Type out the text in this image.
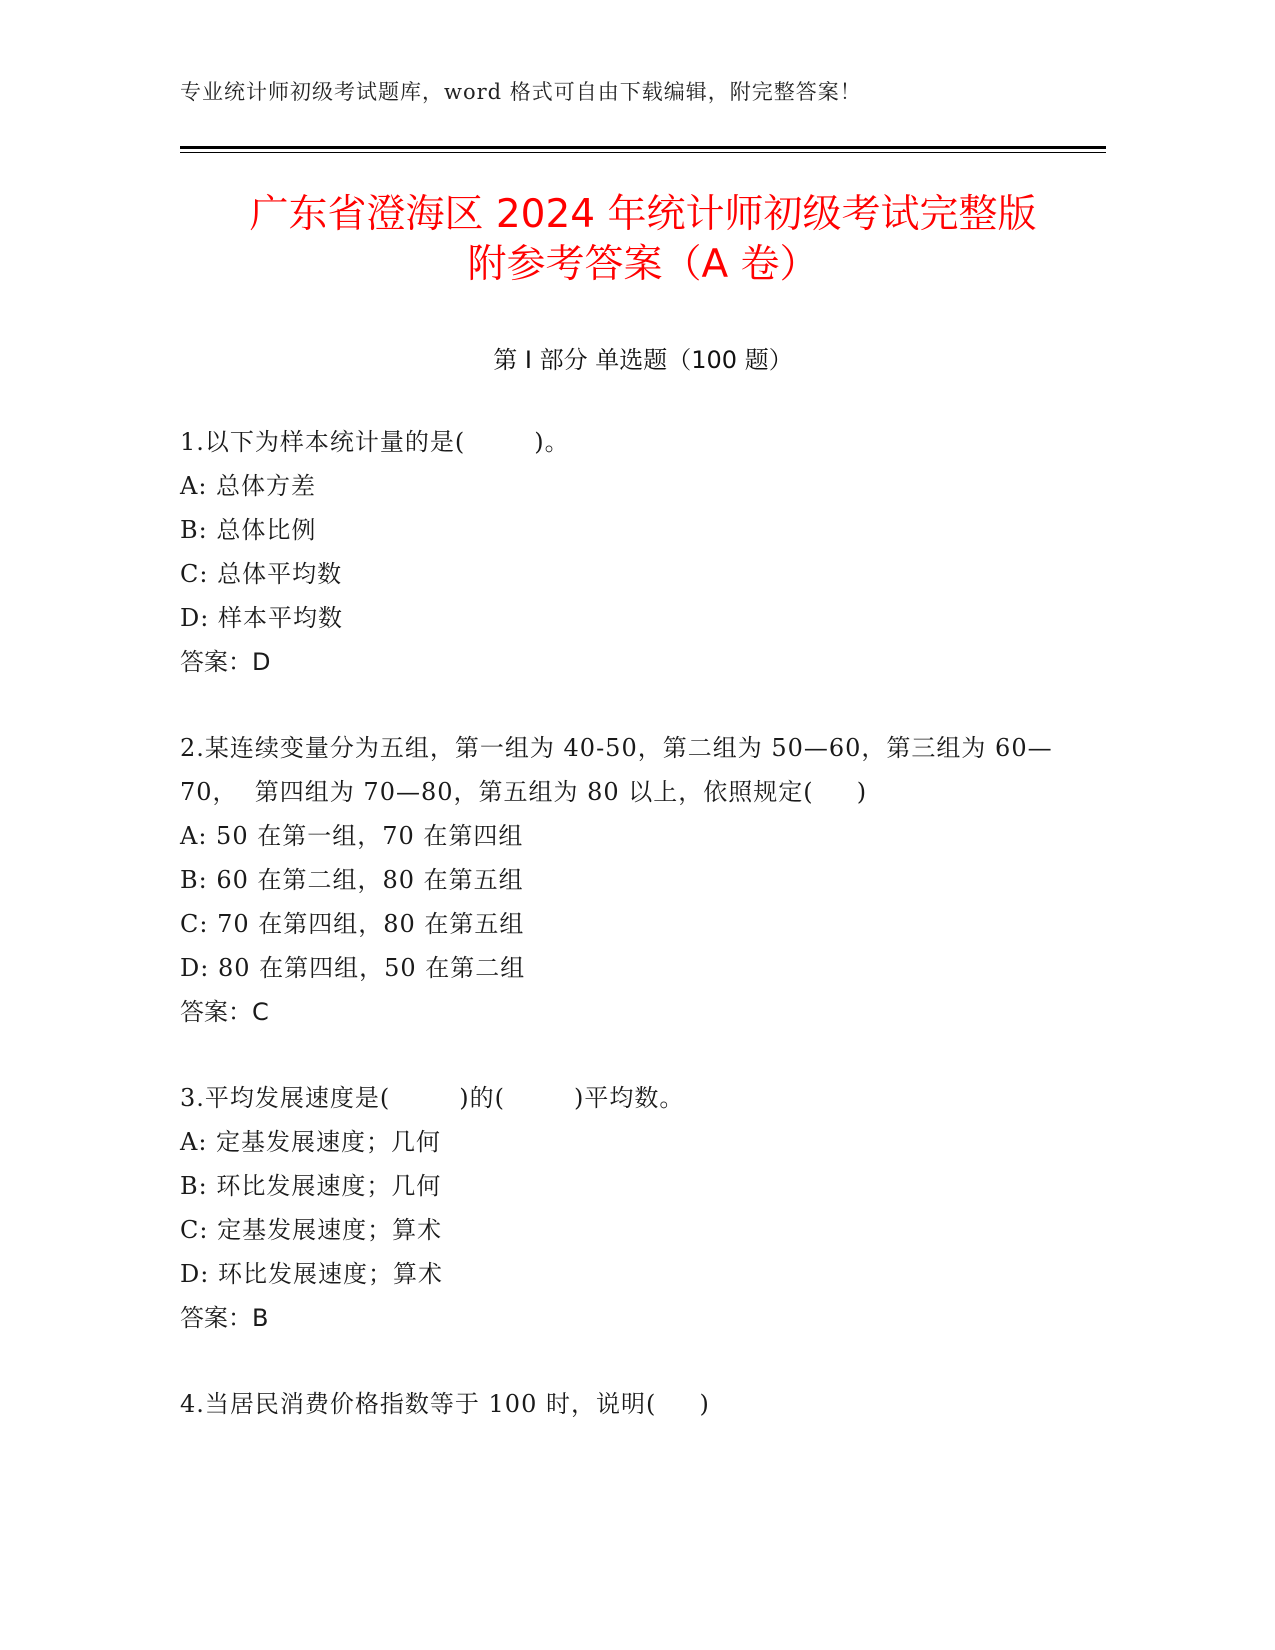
专业统计师初级考试题库，word 格式可自由下载编辑，附完整答案！
广东省澄海区 2024 年统计师初级考试完整版
附参考答案（A 卷）
第 I 部分 单选题（100 题）
1.以下为样本统计量的是(        )。
A: 总体方差
B: 总体比例
C: 总体平均数
D: 样本平均数
答案：D
2.某连续变量分为五组，第一组为 40-50，第二组为 50—60，第三组为 60—70，  第四组为 70—80，第五组为 80 以上，依照规定(     )
A: 50 在第一组，70 在第四组
B: 60 在第二组，80 在第五组
C: 70 在第四组，80 在第五组
D: 80 在第四组，50 在第二组
答案：C
3.平均发展速度是(        )的(        )平均数。
A: 定基发展速度；几何
B: 环比发展速度；几何
C: 定基发展速度；算术
D: 环比发展速度；算术
答案：B
4.当居民消费价格指数等于 100 时，说明(     )
